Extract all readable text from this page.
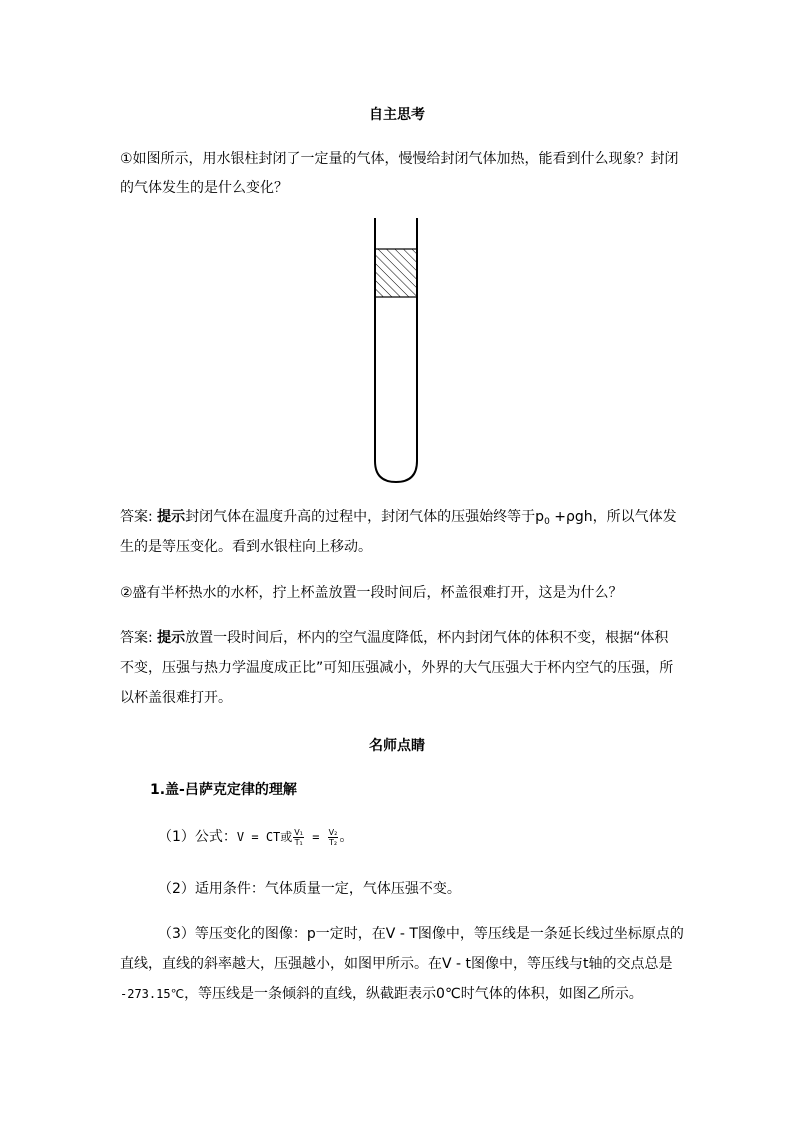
自主思考
①如图所示，用水银柱封闭了一定量的气体，慢慢给封闭气体加热，能看到什么现象？封闭
的气体发生的是什么变化？
答案: 提示封闭气体在温度升高的过程中，封闭气体的压强始终等于$p_0 +\rho gh$，所以气体发
生的是等压变化。看到水银柱向上移动。
②盛有半杯热水的水杯，拧上杯盖放置一段时间后，杯盖很难打开，这是为什么？
答案: 提示放置一段时间后，杯内的空气温度降低，杯内封闭气体的体积不变，根据“体积
不变，压强与热力学温度成正比”可知压强减小，外界的大气压强大于杯内空气的压强，所
以杯盖很难打开。
名师点睛
1.盖-吕萨克定律的理解
（1）公式：V = CT或 $\frac{\text{V₁}}{\text{T₁}} = \frac{\text{V₂}}{\text{T₂}}$ 。
（2）适用条件：气体质量一定，气体压强不变。
（3）等压变化的图像：p一定时，在V - T图像中，等压线是一条延长线过坐标原点的
直线，直线的斜率越大，压强越小，如图甲所示。在V - t图像中，等压线与t轴的交点总是
-273.15℃，等压线是一条倾斜的直线，纵截距表示0℃时气体的体积，如图乙所示。
